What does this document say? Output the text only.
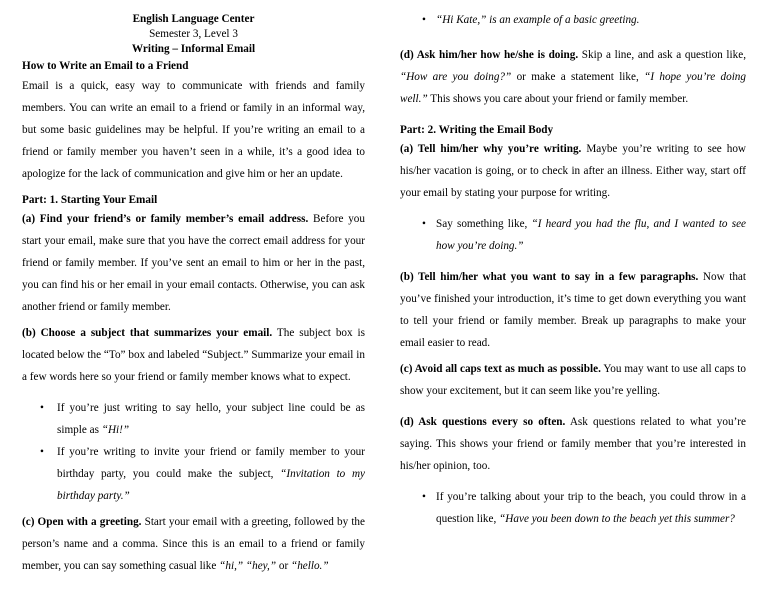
English Language Center
Semester 3, Level 3
Writing – Informal Email
How to Write an Email to a Friend

Email is a quick, easy way to communicate with friends and family members. You can write an email to a friend or family in an informal way, but some basic guidelines may be helpful. If you’re writing an email to a friend or family member you haven’t seen in a while, it’s a good idea to apologize for the lack of communication and give him or her an update.

Part: 1. Starting Your Email

(a) Find your friend’s or family member’s email address. Before you start your email, make sure that you have the correct email address for your friend or family member. If you’ve sent an email to him or her in the past, you can find his or her email in your email contacts. Otherwise, you can ask another friend or family member.

(b) Choose a subject that summarizes your email. The subject box is located below the “To” box and labeled “Subject.” Summarize your email in a few words here so your friend or family member knows what to expect.

•
If you’re just writing to say hello, your subject line could be as simple as “Hi!”
•
If you’re writing to invite your friend or family member to your birthday party, you could make the subject, “Invitation to my birthday party.”

(c) Open with a greeting. Start your email with a greeting, followed by the person’s name and a comma. Since this is an email to a friend or family member, you can say something casual like “hi,” “hey,” or “hello.”

•
“Hi Kate,” is an example of a basic greeting.

(d) Ask him/her how he/she is doing. Skip a line, and ask a question like, “How are you doing?” or make a statement like, “I hope you’re doing well.” This shows you care about your friend or family member.

Part: 2. Writing the Email Body

(a) Tell him/her why you’re writing. Maybe you’re writing to see how his/her vacation is going, or to check in after an illness. Either way, start off your email by stating your purpose for writing.

•
Say something like, “I heard you had the flu, and I wanted to see how you’re doing.”

(b) Tell him/her what you want to say in a few paragraphs. Now that you’ve finished your introduction, it’s time to get down everything you want to tell your friend or family member. Break up paragraphs to make your email easier to read.

(c) Avoid all caps text as much as possible. You may want to use all caps to show your excitement, but it can seem like you’re yelling.

(d) Ask questions every so often. Ask questions related to what you’re saying. This shows your friend or family member that you’re interested in his/her opinion, too.

•
If you’re talking about your trip to the beach, you could throw in a question like, “Have you been down to the beach yet this summer?
